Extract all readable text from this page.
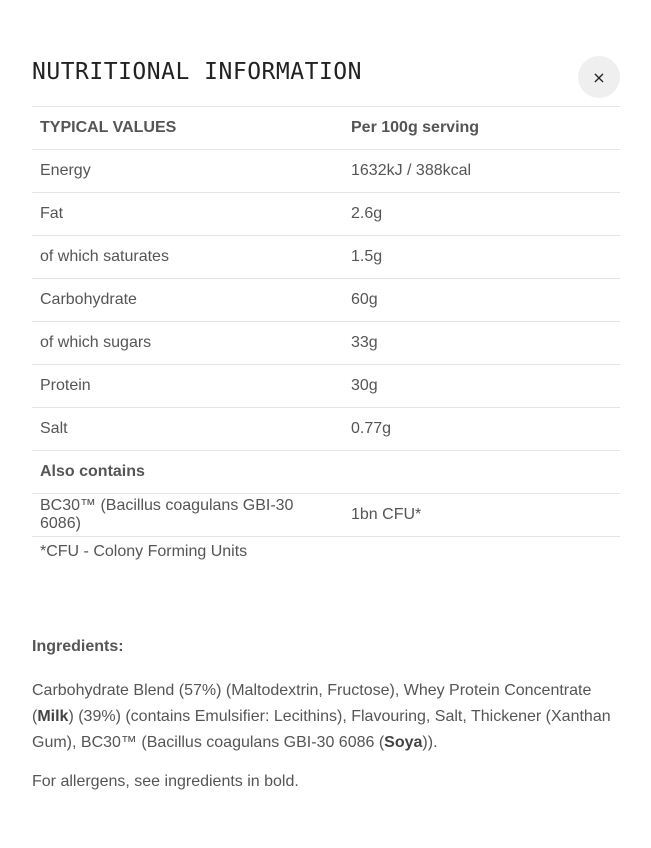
NUTRITIONAL INFORMATION	×
TYPICAL VALUES	Per 100g serving
Energy	1632kJ / 388kcal
Fat	2.6g
of which saturates	1.5g
Carbohydrate	60g
of which sugars	33g
Protein	30g
Salt	0.77g
Also contains	
BC30™ (Bacillus coagulans GBI-30 6086)	1bn CFU*
*CFU - Colony Forming Units
Ingredients:

Carbohydrate Blend (57%) (Maltodextrin, Fructose), Whey Protein Concentrate (Milk) (39%) (contains Emulsifier: Lecithins), Flavouring, Salt, Thickener (Xanthan Gum), BC30™ (Bacillus coagulans GBI-30 6086 (Soya)).

For allergens, see ingredients in bold.
